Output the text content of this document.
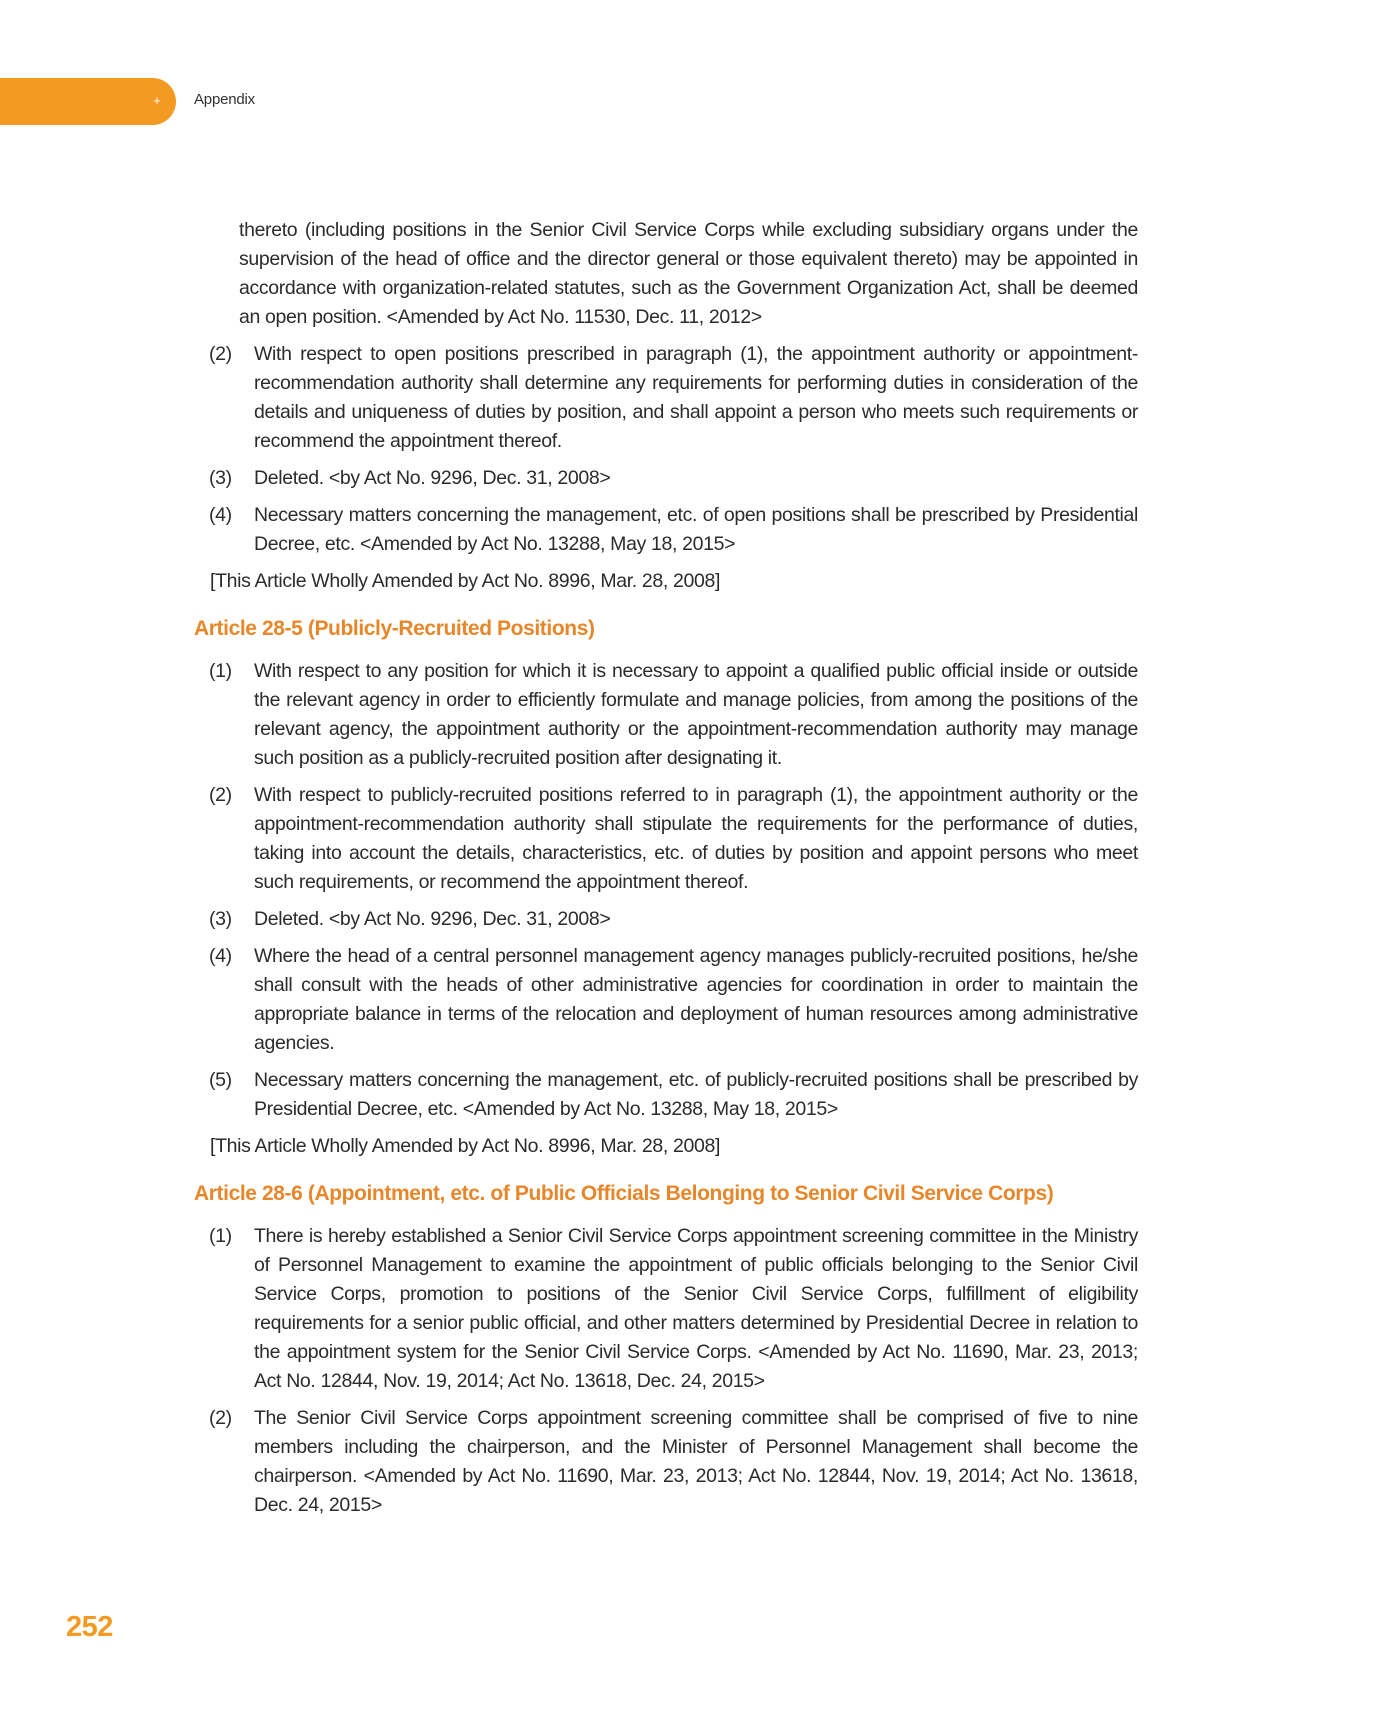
+ Appendix

thereto (including positions in the Senior Civil Service Corps while excluding subsidiary organs under the supervision of the head of office and the director general or those equivalent thereto) may be appointed in accordance with organization-related statutes, such as the Government Organization Act, shall be deemed an open position. <Amended by Act No. 11530, Dec. 11, 2012>

(2) With respect to open positions prescribed in paragraph (1), the appointment authority or appointment-recommendation authority shall determine any requirements for performing duties in consideration of the details and uniqueness of duties by position, and shall appoint a person who meets such requirements or recommend the appointment thereof.

(3) Deleted. <by Act No. 9296, Dec. 31, 2008>

(4) Necessary matters concerning the management, etc. of open positions shall be prescribed by Presidential Decree, etc. <Amended by Act No. 13288, May 18, 2015>

[This Article Wholly Amended by Act No. 8996, Mar. 28, 2008]

Article 28-5 (Publicly-Recruited Positions)

(1) With respect to any position for which it is necessary to appoint a qualified public official inside or outside the relevant agency in order to efficiently formulate and manage policies, from among the positions of the relevant agency, the appointment authority or the appointment-recommendation authority may manage such position as a publicly-recruited position after designating it.

(2) With respect to publicly-recruited positions referred to in paragraph (1), the appointment authority or the appointment-recommendation authority shall stipulate the requirements for the performance of duties, taking into account the details, characteristics, etc. of duties by position and appoint persons who meet such requirements, or recommend the appointment thereof.

(3) Deleted. <by Act No. 9296, Dec. 31, 2008>

(4) Where the head of a central personnel management agency manages publicly-recruited positions, he/she shall consult with the heads of other administrative agencies for coordination in order to maintain the appropriate balance in terms of the relocation and deployment of human resources among administrative agencies.

(5) Necessary matters concerning the management, etc. of publicly-recruited positions shall be prescribed by Presidential Decree, etc. <Amended by Act No. 13288, May 18, 2015>

[This Article Wholly Amended by Act No. 8996, Mar. 28, 2008]

Article 28-6 (Appointment, etc. of Public Officials Belonging to Senior Civil Service Corps)

(1) There is hereby established a Senior Civil Service Corps appointment screening committee in the Ministry of Personnel Management to examine the appointment of public officials belonging to the Senior Civil Service Corps, promotion to positions of the Senior Civil Service Corps, fulfillment of eligibility requirements for a senior public official, and other matters determined by Presidential Decree in relation to the appointment system for the Senior Civil Service Corps. <Amended by Act No. 11690, Mar. 23, 2013; Act No. 12844, Nov. 19, 2014; Act No. 13618, Dec. 24, 2015>

(2) The Senior Civil Service Corps appointment screening committee shall be comprised of five to nine members including the chairperson, and the Minister of Personnel Management shall become the chairperson. <Amended by Act No. 11690, Mar. 23, 2013; Act No. 12844, Nov. 19, 2014; Act No. 13618, Dec. 24, 2015>

252
